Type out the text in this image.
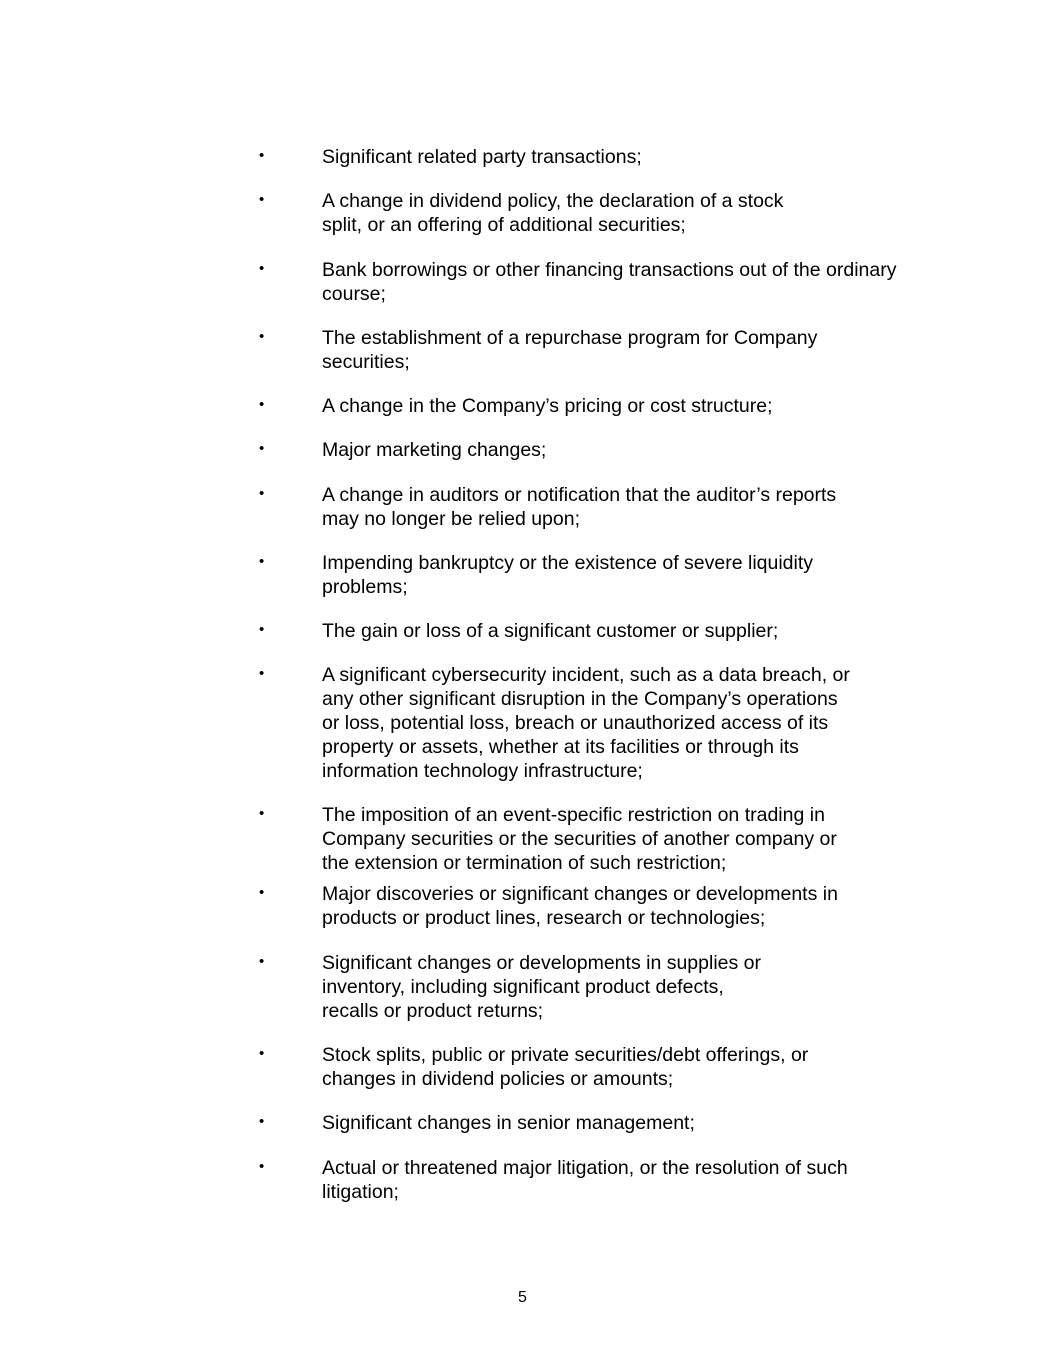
•	Significant related party transactions;
•	A change in dividend policy, the declaration of a stock
split, or an offering of additional securities;
•	Bank borrowings or other financing transactions out of the ordinary
course;
•	The establishment of a repurchase program for Company
securities;
•	A change in the Company’s pricing or cost structure;
•	Major marketing changes;
•	A change in auditors or notification that the auditor’s reports
may no longer be relied upon;
•	Impending bankruptcy or the existence of severe liquidity
problems;
•	The gain or loss of a significant customer or supplier;
•	A significant cybersecurity incident, such as a data breach, or
any other significant disruption in the Company’s operations
or loss, potential loss, breach or unauthorized access of its
property or assets, whether at its facilities or through its
information technology infrastructure;
•	The imposition of an event-specific restriction on trading in
Company securities or the securities of another company or
the extension or termination of such restriction;
•	Major discoveries or significant changes or developments in
products or product lines, research or technologies;
•	Significant changes or developments in supplies or
inventory, including significant product defects,
recalls or product returns;
•	Stock splits, public or private securities/debt offerings, or
changes in dividend policies or amounts;
•	Significant changes in senior management;
•	Actual or threatened major litigation, or the resolution of such
litigation;
5
